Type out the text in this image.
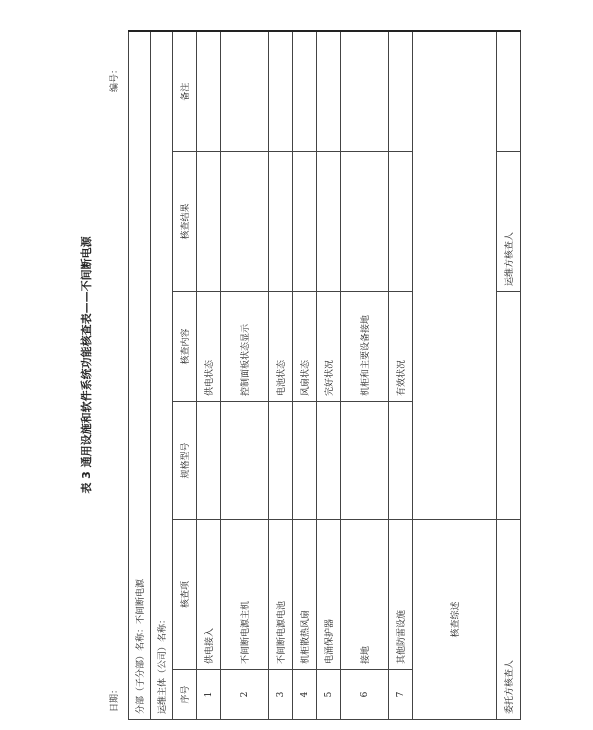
表 3 通用设施和软件系统功能核查表——不间断电源
编号：
日期： 分部（子分部）名称：不间断电源					
运维主体（公司）名称：					
序号	核查项	规格型号	核查内容	核查结果	备注
1	供电接入		供电状态		
2	不间断电源主机		控制面板状态显示		
3	不间断电源电池		电池状态		
4	机柜散热风扇		风扇状态		
5	电涌保护器		完好状况		
6	接地		机柜和主要设备接地		
7	其他防雷设施		有效状况		
核查综述					
委托方核查人				运维方核查人	
